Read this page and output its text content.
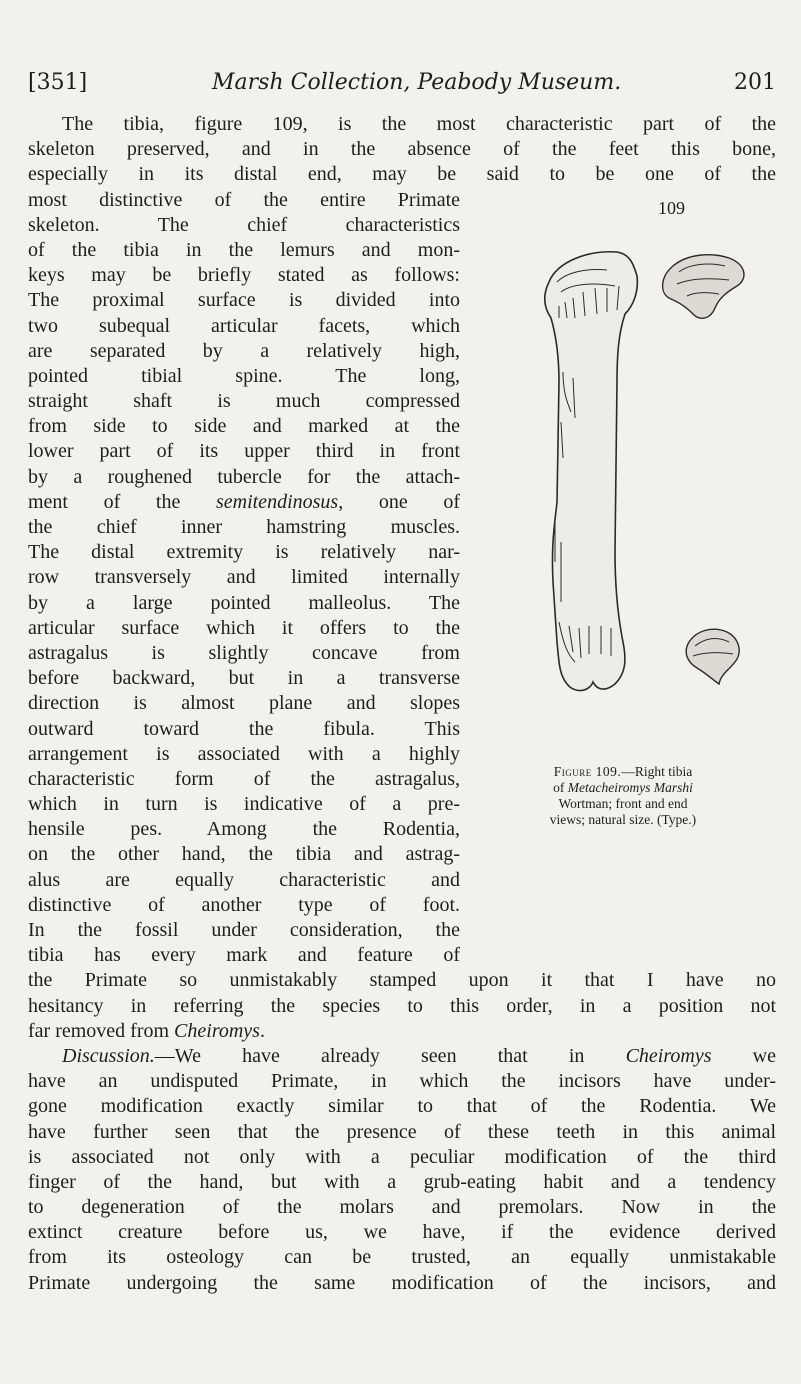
[351]	Marsh Collection, Peabody Museum.	201
109
Figure 109.—Right tibia
of Metacheiromys Marshi
Wortman; front and end
views; natural size. (Type.)
The tibia, figure 109, is the most characteristic part of the
skeleton preserved, and in the absence of the feet this bone,
especially in its distal end, may be said to be one of the
most distinctive of the entire Primate
skeleton. The chief characteristics
of the tibia in the lemurs and mon-
keys may be briefly stated as follows:
The proximal surface is divided into
two subequal articular facets, which
are separated by a relatively high,
pointed tibial spine. The long,
straight shaft is much compressed
from side to side and marked at the
lower part of its upper third in front
by a roughened tubercle for the attach-
ment of the semitendinosus, one of
the chief inner hamstring muscles.
The distal extremity is relatively nar-
row transversely and limited internally
by a large pointed malleolus. The
articular surface which it offers to the
astragalus is slightly concave from
before backward, but in a transverse
direction is almost plane and slopes
outward toward the fibula. This
arrangement is associated with a highly
characteristic form of the astragalus,
which in turn is indicative of a pre-
hensile pes. Among the Rodentia,
on the other hand, the tibia and astrag-
alus are equally characteristic and
distinctive of another type of foot.
In the fossil under consideration, the
tibia has every mark and feature of
the Primate so unmistakably stamped upon it that I have no
hesitancy in referring the species to this order, in a position not
far removed from Cheiromys.
Discussion.—We have already seen that in Cheiromys we
have an undisputed Primate, in which the incisors have under-
gone modification exactly similar to that of the Rodentia. We
have further seen that the presence of these teeth in this animal
is associated not only with a peculiar modification of the third
finger of the hand, but with a grub-eating habit and a tendency
to degeneration of the molars and premolars. Now in the
extinct creature before us, we have, if the evidence derived
from its osteology can be trusted, an equally unmistakable
Primate undergoing the same modification of the incisors, and
